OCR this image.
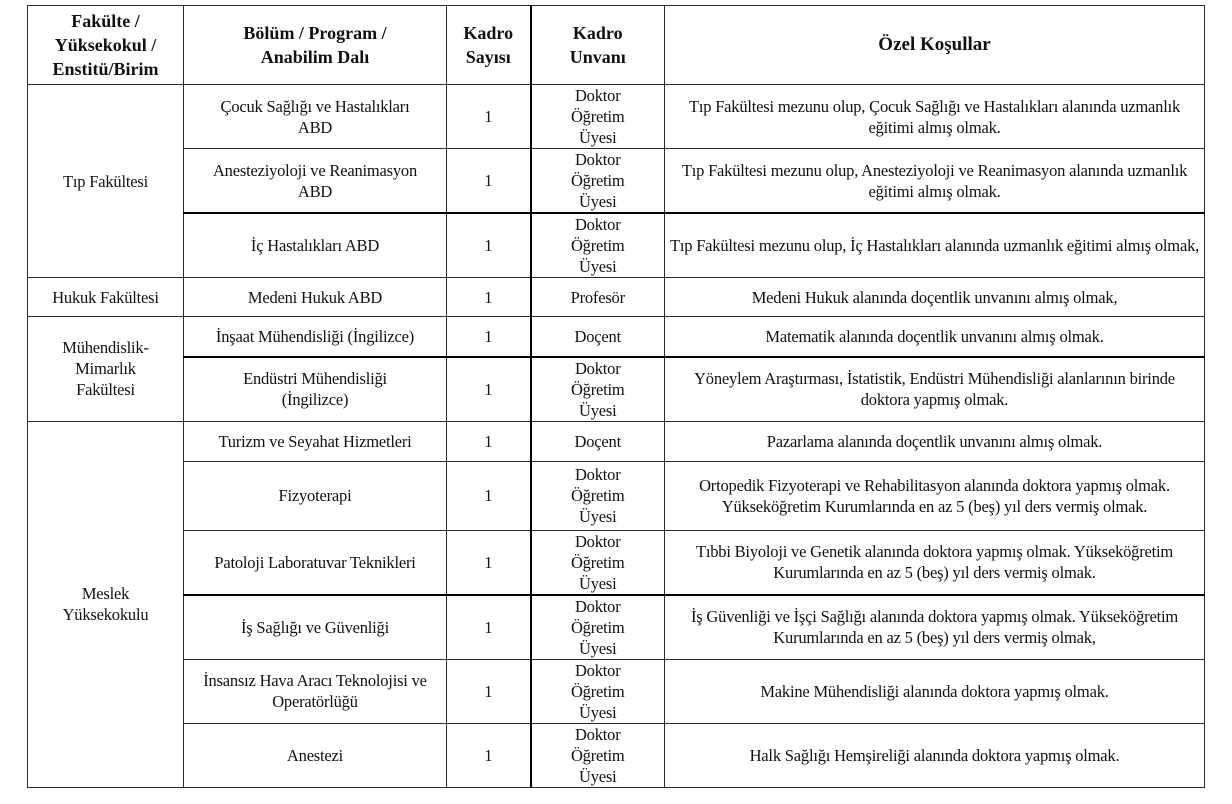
Fakülte / Yüksekokul / Enstitü/Birim	Bölüm / Program / Anabilim Dalı	Kadro Sayısı	Kadro Unvanı	Özel Koşullar
Tıp Fakültesi	Çocuk Sağlığı ve Hastalıkları ABD	1	Doktor Öğretim Üyesi	Tıp Fakültesi mezunu olup, Çocuk Sağlığı ve Hastalıkları alanında uzmanlık eğitimi almış olmak.
	Anesteziyoloji ve Reanimasyon ABD	1	Doktor Öğretim Üyesi	Tıp Fakültesi mezunu olup, Anesteziyoloji ve Reanimasyon alanında uzmanlık eğitimi almış olmak.
	İç Hastalıkları ABD	1	Doktor Öğretim Üyesi	Tıp Fakültesi mezunu olup, İç Hastalıkları alanında uzmanlık eğitimi almış olmak,
Hukuk Fakültesi	Medeni Hukuk ABD	1	Profesör	Medeni Hukuk alanında doçentlik unvanını almış olmak,
Mühendislik-Mimarlık Fakültesi	İnşaat Mühendisliği (İngilizce)	1	Doçent	Matematik alanında doçentlik unvanını almış olmak.
	Endüstri Mühendisliği (İngilizce)	1	Doktor Öğretim Üyesi	Yöneylem Araştırması, İstatistik, Endüstri Mühendisliği alanlarının birinde doktora yapmış olmak.
Meslek Yüksekokulu	Turizm ve Seyahat Hizmetleri	1	Doçent	Pazarlama alanında doçentlik unvanını almış olmak.
	Fizyoterapi	1	Doktor Öğretim Üyesi	Ortopedik Fizyoterapi ve Rehabilitasyon alanında doktora yapmış olmak. Yükseköğretim Kurumlarında en az 5 (beş) yıl ders vermiş olmak.
	Patoloji Laboratuvar Teknikleri	1	Doktor Öğretim Üyesi	Tıbbi Biyoloji ve Genetik alanında doktora yapmış olmak. Yükseköğretim Kurumlarında en az 5 (beş) yıl ders vermiş olmak.
	İş Sağlığı ve Güvenliği	1	Doktor Öğretim Üyesi	İş Güvenliği ve İşçi Sağlığı alanında doktora yapmış olmak. Yükseköğretim Kurumlarında en az 5 (beş) yıl ders vermiş olmak,
	İnsansız Hava Aracı Teknolojisi ve Operatörlüğü	1	Doktor Öğretim Üyesi	Makine Mühendisliği alanında doktora yapmış olmak.
	Anestezi	1	Doktor Öğretim Üyesi	Halk Sağlığı Hemşireliği alanında doktora yapmış olmak.
